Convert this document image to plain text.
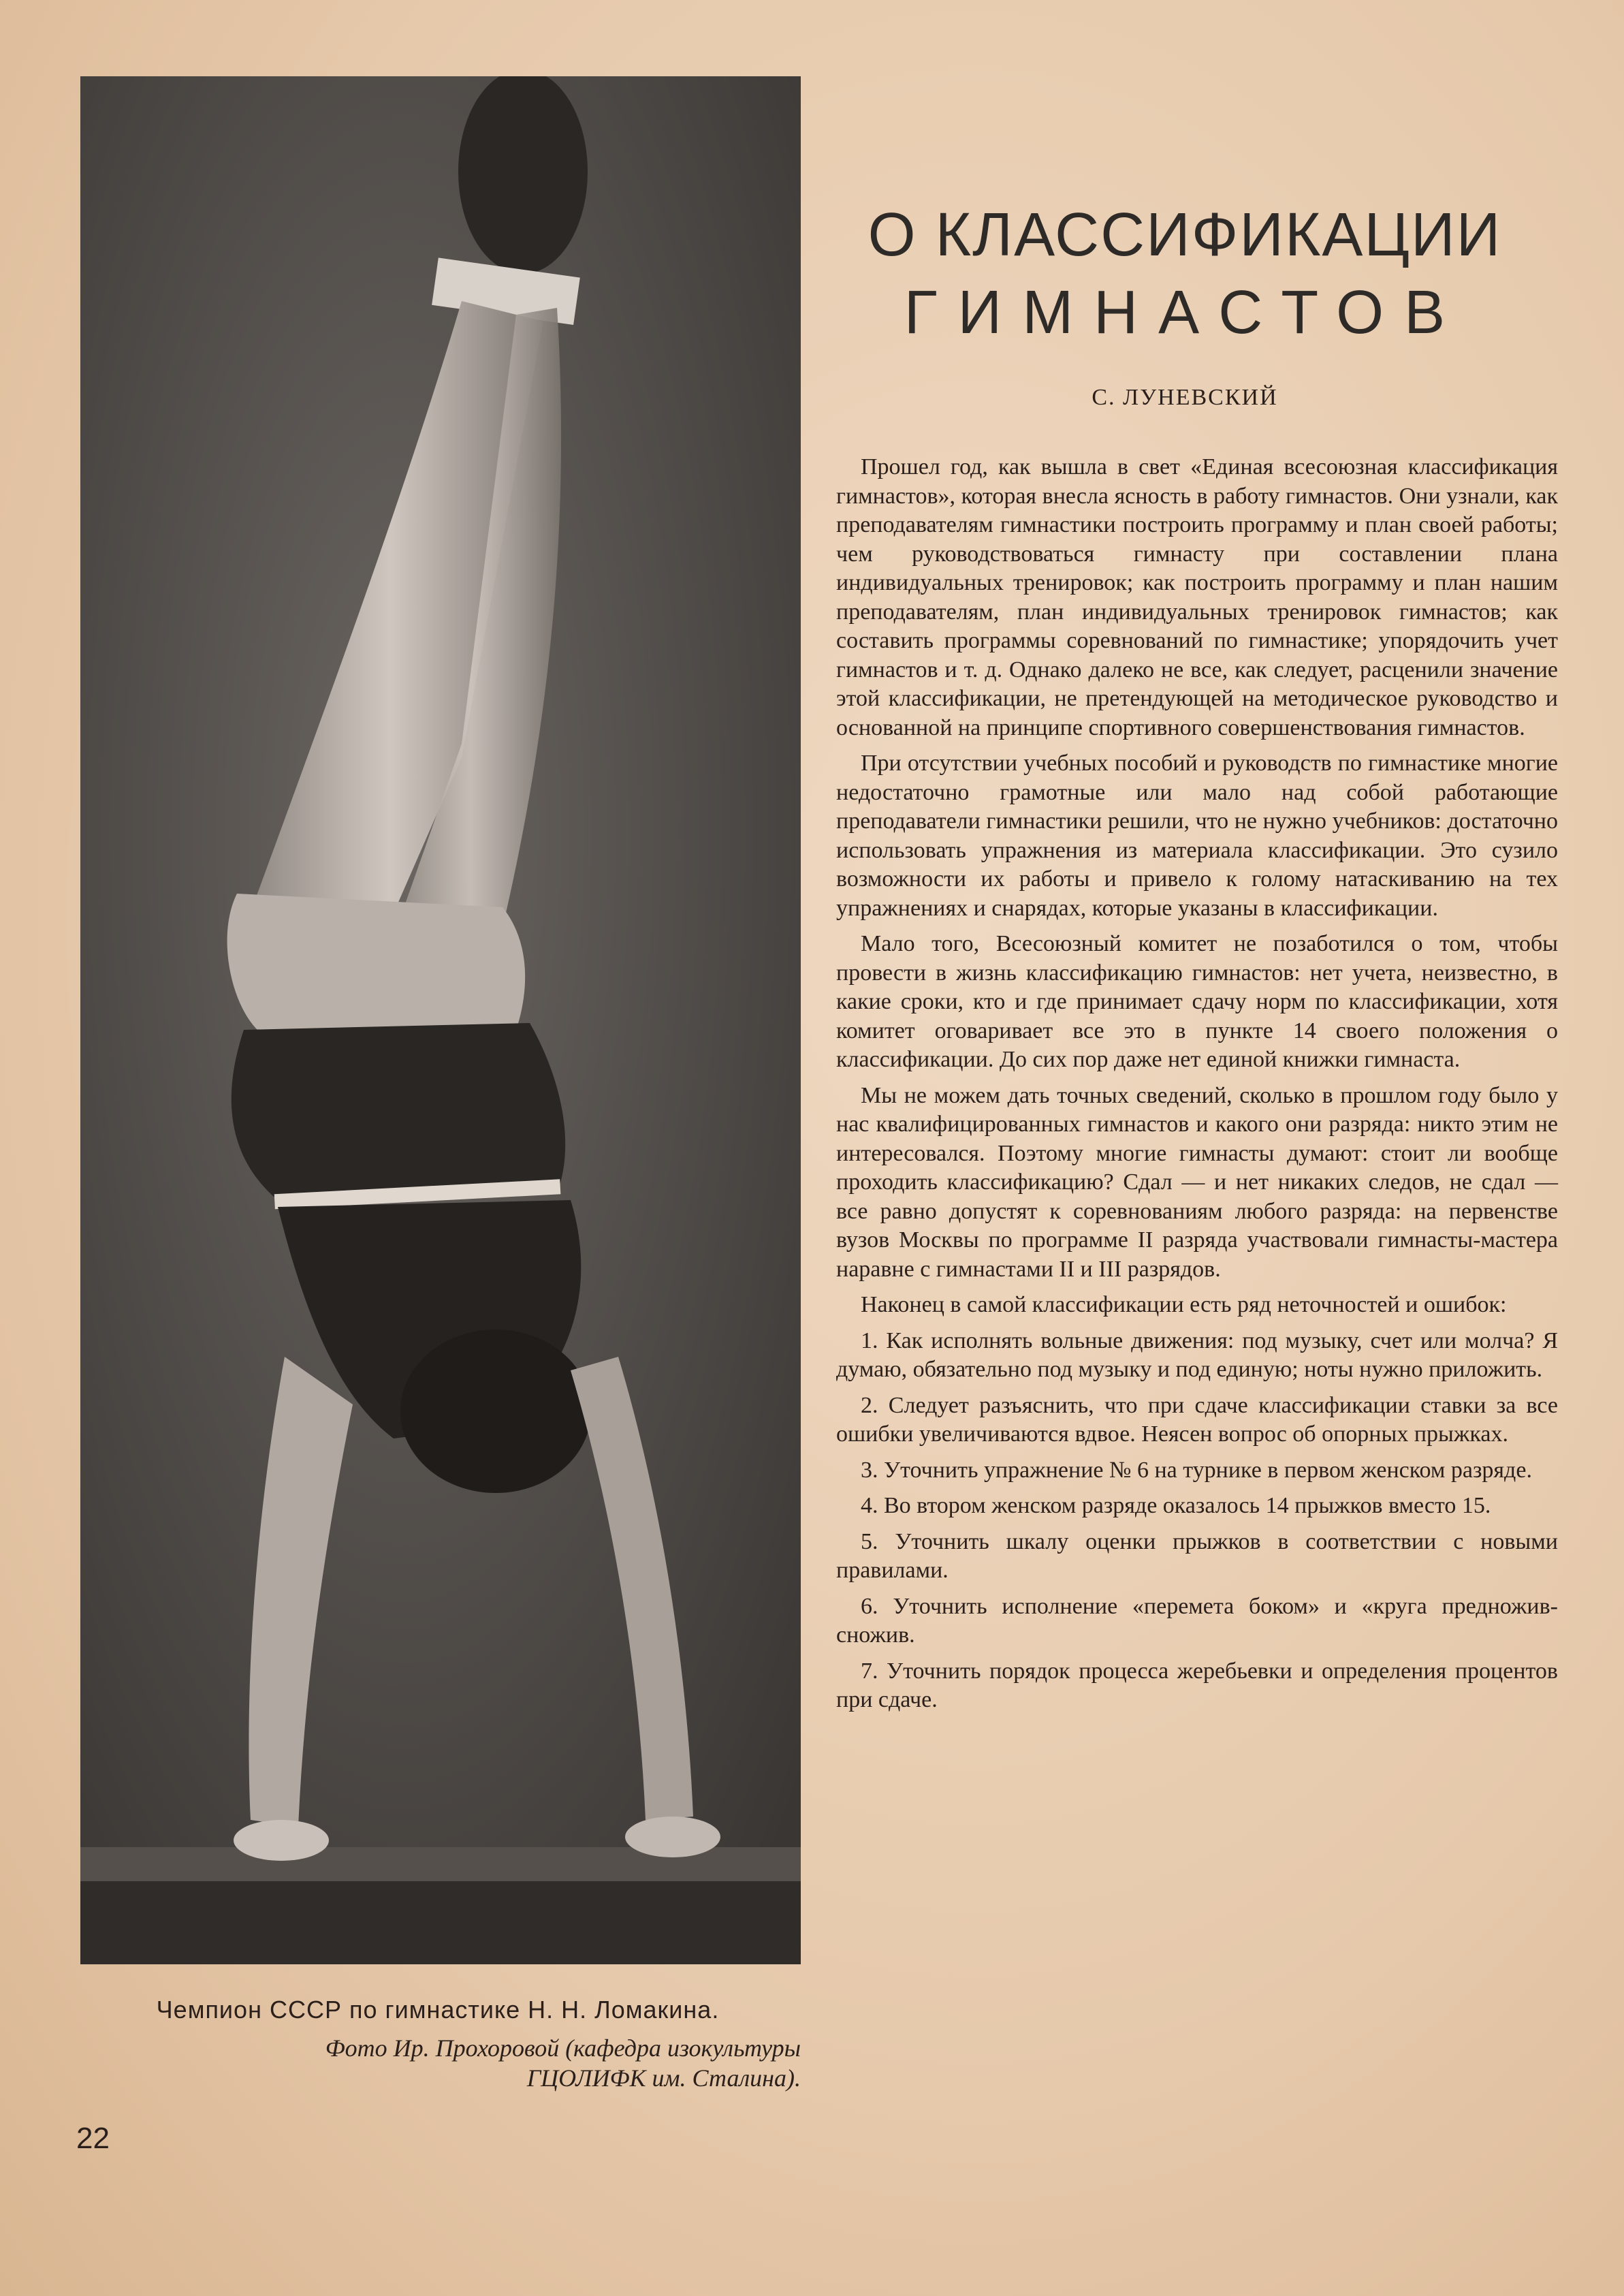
Чемпион СССР по гимнастике Н. Н. Ломакина.
Фото Ир. Прохоровой (кафедра изокультуры
ГЦОЛИФК им. Сталина).
22
О КЛАССИФИКАЦИИ
ГИМНАСТОВ
С. ЛУНЕВСКИЙ

Прошел год, как вышла в свет «Единая всесоюзная классификация гимнастов», которая внесла ясность в работу гимнастов. Они узнали, как преподавателям гимнастики построить программу и план своей работы; чем руководствоваться гимнасту при составлении плана индивидуальных тренировок; как построить программу и план нашим преподавателям, план индивидуальных тренировок гимнастов; как составить программы соревнований по гимнастике; упорядочить учет гимнастов и т. д. Однако далеко не все, как следует, расценили значение этой классификации, не претендующей на методическое руководство и основанной на принципе спортивного совершенствования гимнастов.

При отсутствии учебных пособий и руководств по гимнастике многие недостаточно грамотные или мало над собой работающие преподаватели гимнастики решили, что не нужно учебников: достаточно использовать упражнения из материала классификации. Это сузило возможности их работы и привело к голому натаскиванию на тех упражнениях и снарядах, которые указаны в классификации.

Мало того, Всесоюзный комитет не позаботился о том, чтобы провести в жизнь классификацию гимнастов: нет учета, неизвестно, в какие сроки, кто и где принимает сдачу норм по классификации, хотя комитет оговаривает все это в пункте 14 своего положения о классификации. До сих пор даже нет единой книжки гимнаста.

Мы не можем дать точных сведений, сколько в прошлом году было у нас квалифицированных гимнастов и какого они разряда: никто этим не интересовался. Поэтому многие гимнасты думают: стоит ли вообще проходить классификацию? Сдал — и нет никаких следов, не сдал — все равно допустят к соревнованиям любого разряда: на первенстве вузов Москвы по программе II разряда участвовали гимнасты-мастера наравне с гимнастами II и III разрядов.

Наконец в самой классификации есть ряд неточностей и ошибок:

1. Как исполнять вольные движения: под музыку, счет или молча? Я думаю, обязательно под музыку и под единую; ноты нужно приложить.

2. Следует разъяснить, что при сдаче классификации ставки за все ошибки увеличиваются вдвое. Неясен вопрос об опорных прыжках.

3. Уточнить упражнение № 6 на турнике в первом женском разряде.

4. Во втором женском разряде оказалось 14 прыжков вместо 15.

5. Уточнить шкалу оценки прыжков в соответствии с новыми правилами.

6. Уточнить исполнение «перемета боком» и «круга предножив-сножив.

7. Уточнить порядок процесса жеребьевки и определения процентов при сдаче.
